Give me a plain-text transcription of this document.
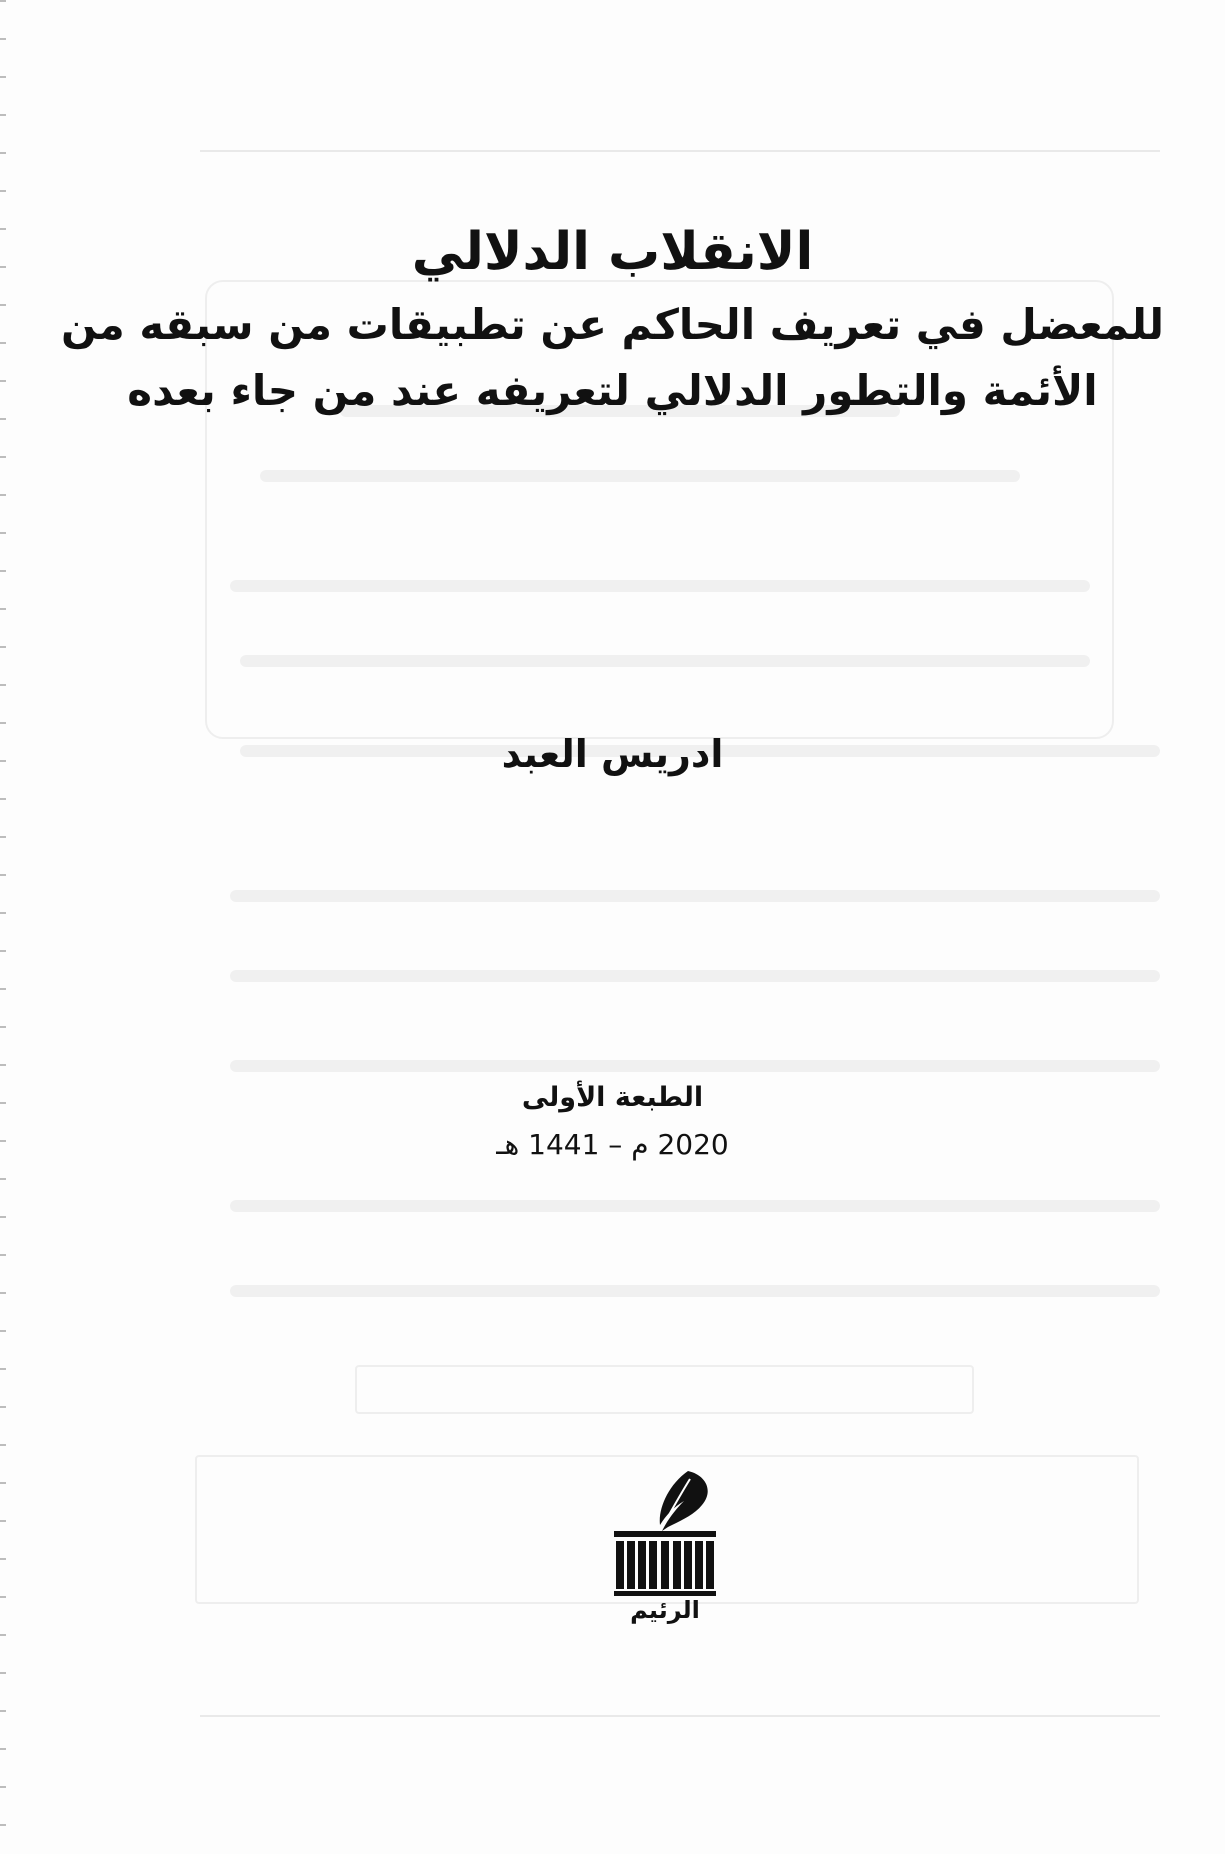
الانقلاب الدلالي
للمعضل في تعريف الحاكم عن تطبيقات من سبقه من
الأئمة والتطور الدلالي لتعريفه عند من جاء بعده
ادريس العبد
الطبعة الأولى
2020 م – 1441 هـ
الرئيم
